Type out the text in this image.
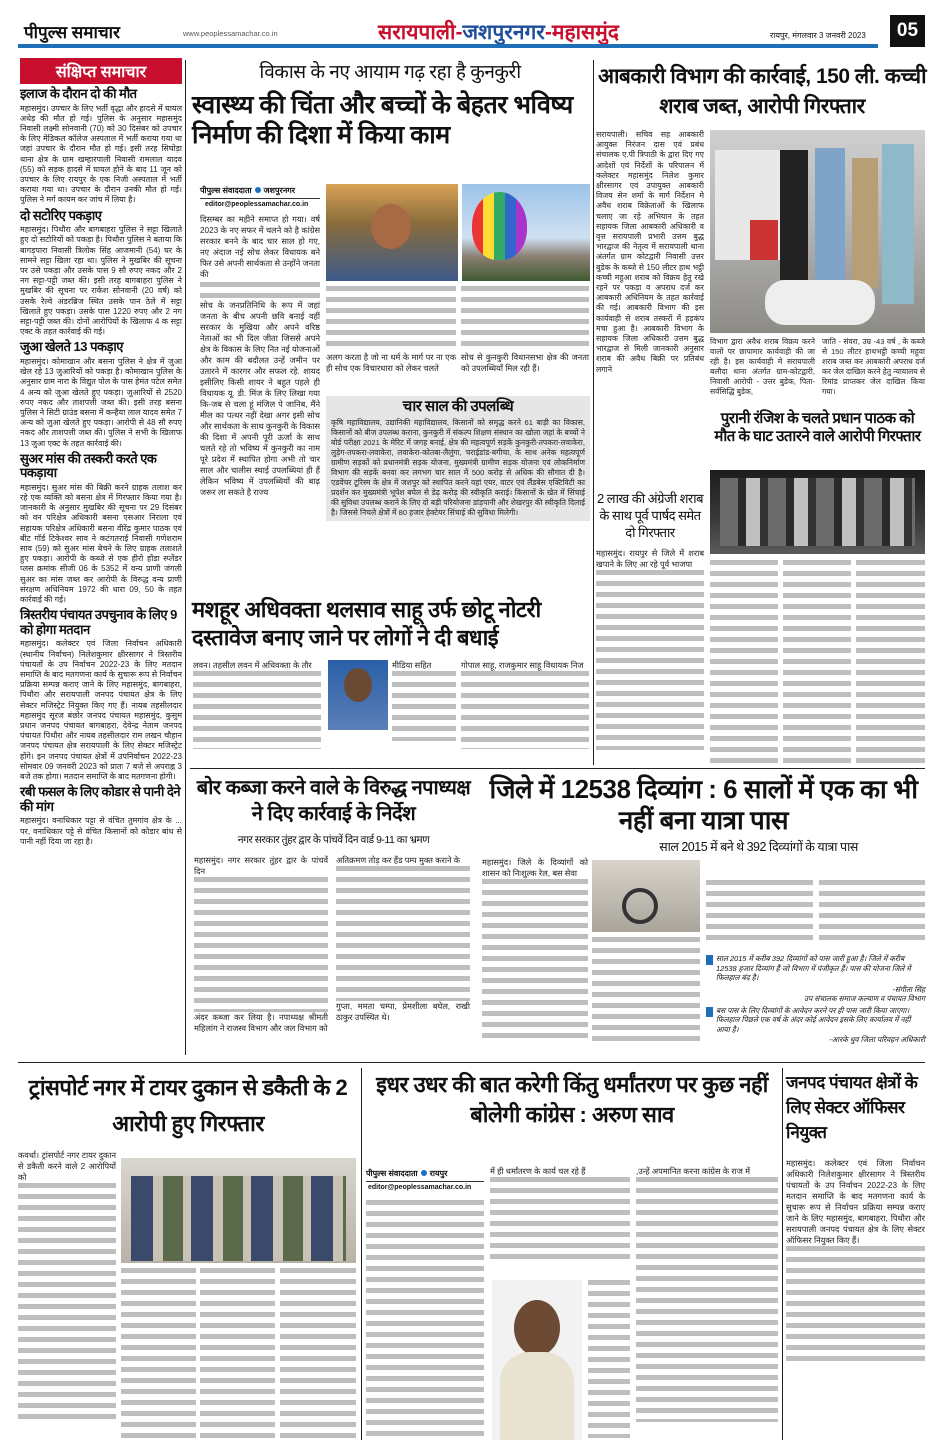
पीपुल्स समाचार	www.peoplessamachar.co.in	सरायपाली-जशपुरनगर-महासमुंद	रायपुर, मंगलवार 3 जनवरी 2023	05
संक्षिप्त समाचार
इलाज के दौरान दो की मौत
महासमुंद। उपचार के लिए भर्ती वृद्धा और हादसे में घायल अधेड़ की मौत हो गई। पुलिस के अनुसार महासमुंद निवासी लक्ष्मी सोनवानी (70) को 30 दिसंबर को उपचार के लिए मेडिकल कॉलेज अस्पताल में भर्ती कराया गया था जहां उपचार के दौरान मौत हो गई। इसी तरह सिघोड़ा थाना क्षेत्र के ग्राम खम्हारपाली निवासी रामलाल यादव (55) को सड़क हादसे में घायल होने के बाद 11 जून को उपचार के लिए रायपुर के एक निजी अस्पताल में भर्ती कराया गया था। उपचार के दौरान उनकी मौत हो गई। पुलिस ने मर्ग कायम कर जांच में लिया है।
दो सटोरिए पकड़ाए
महासमुंद। पिथौरा और बागबाहरा पुलिस ने सट्टा खिलाते हुए दो सटोरियों को पकड़ा है। पिथौरा पुलिस ने बताया कि बागड़पारा निवासी त्रिलोक सिंह आजमानी (54) घर के सामने सट्टा खिला रहा था। पुलिस ने मुखबिर की सूचना पर उसे पकड़ा और उसके पास 9 सौ रुपए नकद और 2 नग सट्टा-पट्टी जब्त की। इसी तरह बागबाहरा पुलिस ने मुखबिर की सूचना पर राकेश सोनवानी (20 वर्ष) को उसके रेल्वे अंडरब्रिज स्थित उसके पान ठेले में सट्टा खिलाते हुए पकड़ा। उसके पास 1220 रुपए और 2 नग सट्टा-पट्टी जब्त की। दोनों आरोपियों के खिलाफ 4 क सट्टा एक्ट के तहत कार्रवाई की गई।
जुआ खेलते 13 पकड़ाए
महासमुंद। कोमाखान और बसना पुलिस ने क्षेत्र में जुआ खेल रहे 13 जुआरियों को पकड़ा है। कोमाखान पुलिस के अनुसार ग्राम नारा के विद्युत पोल के पास हेमंत पटेल समेत 4 अन्य को जुआ खेलते हुए पकड़ा। जुआरियों से 2520 रुपए नकद और ताशपत्ती जब्त की। इसी तरह बसना पुलिस ने सिटी ग्राउंड बसना में कन्हैया लाल यादव समेत 7 अन्य को जुआ खेलते हुए पकड़ा। आरोपी से 48 सौ रुपए नकद और ताशपत्ती जब्त की। पुलिस ने सभी के खिलाफ 13 जुआ एक्ट के तहत कार्रवाई की।
सुअर मांस की तस्करी करते एक पकड़ाया
महासमुंद। सुअर मांस की बिक्री करने ग्राहक तलाश कर रहे एक व्यक्ति को बसना क्षेत्र में गिरफ्तार किया गया है। जानकारी के अनुसार मुखबिर की सूचना पर 29 दिसंबर को वन परिक्षेत्र अधिकारी बसना एसआर निराला एवं सहायक परिक्षेत्र अधिकारी बसना वीरेंद्र कुमार पाठक एवं बीट गॉर्ड टिकेश्वर साव ने कटंगतराई निवासी गणेशराम साव (59) को सुअर मांस बेचने के लिए ग्राहक तलाशते हुए पकड़ा। आरोपी के कब्जे से एक हीरो होंडा स्प्लेंडर प्लस क्रमांक सीजी 06 के 5352 में वन्य प्राणी जंगली सुअर का मांस जब्त कर आरोपी के विरुद्ध वन्य प्राणी संरक्षण अधिनियम 1972 की धारा 09, 50 के तहत कार्रवाई की गई।
त्रिस्तरीय पंचायत उपचुनाव के लिए 9 को होगा मतदान
महासमुंद। कलेक्टर एवं जिला निर्वाचन अधिकारी (स्थानीय निर्वाचन) निलेशकुमार क्षीरसागर ने त्रिस्तरीय पंचायतों के उप निर्वाचन 2022-23 के लिए मतदान समाप्ति के बाद मतगणना कार्य के सुचारू रूप से निर्वाचन प्रक्रिया सम्पन्न कराए जाने के लिए महासमुंद, बागबाहरा, पिथौरा और सरायपाली जनपद पंचायत क्षेत्र के लिए सेक्टर मजिस्ट्रेट नियुक्त किए गए हैं। नायब तहसीलदार महासमुंद सूरज बंछोर जनपद पंचायत महासमुंद, कुसुम प्रधान जनपद पंचायत बागबाहरा, देवेन्द्र नेताम जनपद पंचायत पिथौरा और नायब तहसीलदार राम लखन चौहान जनपद पंचायत क्षेत्र सरायपाली के लिए सेक्टर मजिस्ट्रेट होंगे। इन जनपद पंचायत क्षेत्रों में उपनिर्वाचन 2022-23 सोमवार 09 जनवरी 2023 को प्रातः 7 बजे से अपराह्न 3 बजे तक होगा। मतदान समाप्ति के बाद मतगणना होगी।
रबी फसल के लिए कोडार से पानी देने की मांग
महासमुंद। वनाधिकार पट्टा से वंचित तुमगांव क्षेत्र के ... पर, वनाधिकार पट्टे से वंचित किसानों को कोडार बांध से पानी नहीं दिया जा रहा है।
विकास के नए आयाम गढ़ रहा है कुनकुरी
स्वास्थ्य की चिंता और बच्चों के बेहतर भविष्य निर्माण की दिशा में किया काम
पीपुल्स संवाददाता जशपुरनगर
editor@peoplessamachar.co.in
दिसम्बर का महीने समाप्त हो गया। वर्ष 2023 के नए सफर में चलने को है कांग्रेस सरकार बनने के बाद चार साल हो गए, नए अंदाज नई सोच लेकर विधायक बने फिर उसे अपनी सार्थकता से उन्होंने जनता की
सोच के जनप्रतिनिधि के रूप में जहां जनता के बीच अपनी छवि बनाई वहीं सरकार के मुखिया और अपने वरिष्ठ नेताओं का भी दिल जीता जिससे अपने क्षेत्र के विकास के लिए नित नई योजनाओं और काम की बदौलत उन्हें जमीन पर उतारने में कारगर और सफल रहे. शायद इसीलिए किसी शायर ने बहुत पहले ही विधायक यू. डी. मिंज के लिए लिखा गया कि-जब से चला हूं मंजिल पे जानिब, मैंने मील का पत्थर नहीं देखा अगर इसी सोच और सार्थकता के साथ कुनकुरी के विकास की दिशा में अपनी पूरी ऊर्जा के साथ चलते रहे तो भविष्य में कुनकुरी का नाम पूरे प्रदेश में स्थापित होगा अभी तो चार साल और चालीस स्थाई उपलब्धियां ही हैं लेकिन भविष्य में उपलब्धियों की बाढ़ जरूर ला सकते है राज्य
अलग करता है जो ना धर्म के मार्ग पर ना एक ही सोच एक विचारधारा को लेकर चलते
सोच से कुनकुरी विधानसभा क्षेत्र की जनता को उपलब्धियाँ मिल रही हैं।
चार साल की उपलब्धि
कृषि महाविद्यालय, उद्यानिकी महाविद्यालय, किसानों को समृद्ध करने 61 बाड़ी का विकास, किसानों को बीज उपलब्ध कराना, कुनकुरी में संकल्प शिक्षण संस्थान का खोला जहां के बच्चों ने बोर्ड परीक्षा 2021 के मेरिट में जगह बनाई, क्षेत्र की महत्वपूर्ण सड़कें कुनकुरी-तपकरा-लवाकेरा, लुड़ेग-तपकरा-लवाकेरा, लवाकेरा-कोतबा-लैलुंगा, चराईडांड-बगीचा, के साथ अनेक महत्वपूर्ण ग्रामीण सड़कों को प्रधानमंत्री सड़क योजना, मुख्यमंत्री ग्रामीण सड़क योजना एवं लोकनिर्माण विभाग की सड़कें बनवा कर लगभग चार साल में 500 करोड़ से अधिक की सौगात दी है। एडवेंचर टूरिस्म के क्षेत्र में जशपुर को स्थापित करने वहां एयर, वाटर एवं लैंडबेस एक्टिविटी का प्रदर्शन कर मुख्यमंत्री भूपेश बघेल से डेढ़ करोड़ की स्वीकृति कराई। किसानों के खेत में सिंचाई की सुविधा उपलब्ध कराने के लिए दो बड़ी परियोजना डांड़पानी और शेखरपुर की स्वीकृति दिलाई है। जिससे निचले क्षेत्रों में 80 हजार हेक्टेयर सिंचाई की सुविधा मिलेगी।
मशहूर अधिवक्ता थलसाव साहू उर्फ छोटू नोटरी दस्तावेज बनाए जाने पर लोगों ने दी बधाई
लवन। तहसील लवन में अधिवक्ता के तौर	मीडिया सहित	गोपाल साहू, राजकुमार साहू विधायक निज
आबकारी विभाग की कार्रवाई, 150 ली. कच्ची शराब जब्त, आरोपी गिरफ्तार
सरायपाली। सचिव सह आबकारी आयुक्त निरंजन दास एवं प्रबंध संचालक ए.पी त्रिपाठी के द्वारा दिए गए आदेशों एवं निर्देशों के परिपालन में कलेक्टर महासमुंद निलेश कुमार क्षीरसागर एवं उपायुक्त आबकारी विजय सेन शर्मा के मार्ग निर्देशन मे अवैध शराब विक्रेताओं के खिलाफ चलाए जा रहे अभियान के तहत सहायक जिला आबकारी अधिकारी व वृत्त सरायपाली प्रभारी उत्तम बुद्ध भारद्वाज की नेतृत्व में सरायपाली थाना अंतर्गत ग्राम कोटद्वारी निवासी उत्तर बुडेक के कब्जे से 150 लीटर हाथ भट्ठी कच्ची महुआ शराब को विक्रय हेतु रखे रहने पर पकड़ा व अपराध दर्ज कर आबकारी अधिनियम के तहत कार्रवाई की गई। आबकारी विभाग की इस कार्यवाही से शराब तस्करों में हड़कंप मचा हुआ है। आबकारी विभाग के सहायक जिला अधिकारी उत्तम बुद्ध भारद्वाज से मिली जानकारी अनुसार शराब की अवैध बिक्री पर प्रतिबंध लगाने
विभाग द्वारा अवैध शराब विक्रय करने वालों पर छापामार कार्यवाही की जा रही है। इस कार्यवाही मे सरायपाली बलौदा थाना अंतर्गत ग्राम-कोटद्वारी, निवासी आरोपी - उत्तर बुडेक, पिता- सर्वसिद्धि बुडेक,
जाति - संवरा, उम्र -43 वर्ष , के कब्जे से 150 लीटर हाथभट्ठी कच्ची महुवा शराब जब्त कर आबकारी अपराध दर्ज कर जेल दाखिल करने हेतु न्यायालय से रिमांड प्राप्तकर जेल दाखिल किया गया।
2 लाख की अंग्रेजी शराब के साथ पूर्व पार्षद समेत दो गिरफ्तार
महासमुंद। रायपुर से जिले में शराब खपाने के लिए आ रहे पूर्व भाजपा
पुरानी रंजिश के चलते प्रधान पाठक को मौत के घाट उतारने वाले आरोपी गिरफ्तार
बोर कब्जा करने वाले के विरुद्ध नपाध्यक्ष ने दिए कार्रवाई के निर्देश
नगर सरकार तुंहर द्वार के पांचवें दिन वार्ड 9-11 का भ्रमण
महासमुंद। नगर सरकार तुंहर द्वार के पांचवें दिन
अंदर कब्जा कर लिया है। नपाध्यक्ष श्रीमती महिलांग ने राजस्व विभाग और जल विभाग को
अतिक्रमण तोड़ कर हैंड पम्प मुक्त कराने के
गुप्ता, ममता चम्पा, प्रेमशीला बघेल, राखी ठाकुर उपस्थित थे।
जिले में 12538 दिव्यांग : 6 सालों में एक का भी नहीं बना यात्रा पास
साल 2015 में बने थे 392 दिव्यांगों के यात्रा पास
महासमुंद। जिले के दिव्यांगों को शासन को निःशुल्क रेल, बस सेवा
साल 2015 में करीब 392 दिव्यांगों को पास जारी हुआ है। जिले में करीब 12538 हजार दिव्यांग हैं जो विभाग में पंजीकृत हैं। पास की योजना जिले में फिलहाल बंद है।
-संगीता सिंह
उप संचालक समाज कल्याण व पंचायत विभाग
बस पास के लिए दिव्यांगों के आवेदन करने पर ही पास जारी किया जाएगा। फिलहाल पिछले एक वर्ष के अंदर कोई आवेदन इसके लिए कार्यालय में नहीं आया है।
-आरके धुव जिला परिवहन अधिकारी
ट्रांसपोर्ट नगर में टायर दुकान से डकैती के 2 आरोपी हुए गिरफ्तार
कवर्धा। ट्रांसपोर्ट नगर टायर दुकान से डकैती करने वाले 2 आरोपियों को
इधर उधर की बात करेगी किंतु धर्मांतरण पर कुछ नहीं बोलेगी कांग्रेस : अरुण साव
पीपुल्स संवाददाता रायपुर
editor@peoplessamachar.co.in
में ही धर्मांतरण के कार्य चल रहे हैं	,उन्हें अपमानित करना कांग्रेस के राज में
जनपद पंचायत क्षेत्रों के लिए सेक्टर ऑफिसर नियुक्त
महासमुंद। कलेक्टर एवं जिला निर्वाचन अधिकारी निलेशकुमार क्षीरसागर ने त्रिस्तरीय पंचायतों के उप निर्वाचन 2022-23 के लिए मतदान समाप्ति के बाद मतगणना कार्य के सुचारू रूप से निर्वाचन प्रक्रिया सम्पन्न कराए जाने के लिए महासमुंद, बागबाहरा, पिथौरा और सरायपाली जनपद पंचायत क्षेत्र के लिए सेक्टर ऑफिसर नियुक्त किए हैं।
